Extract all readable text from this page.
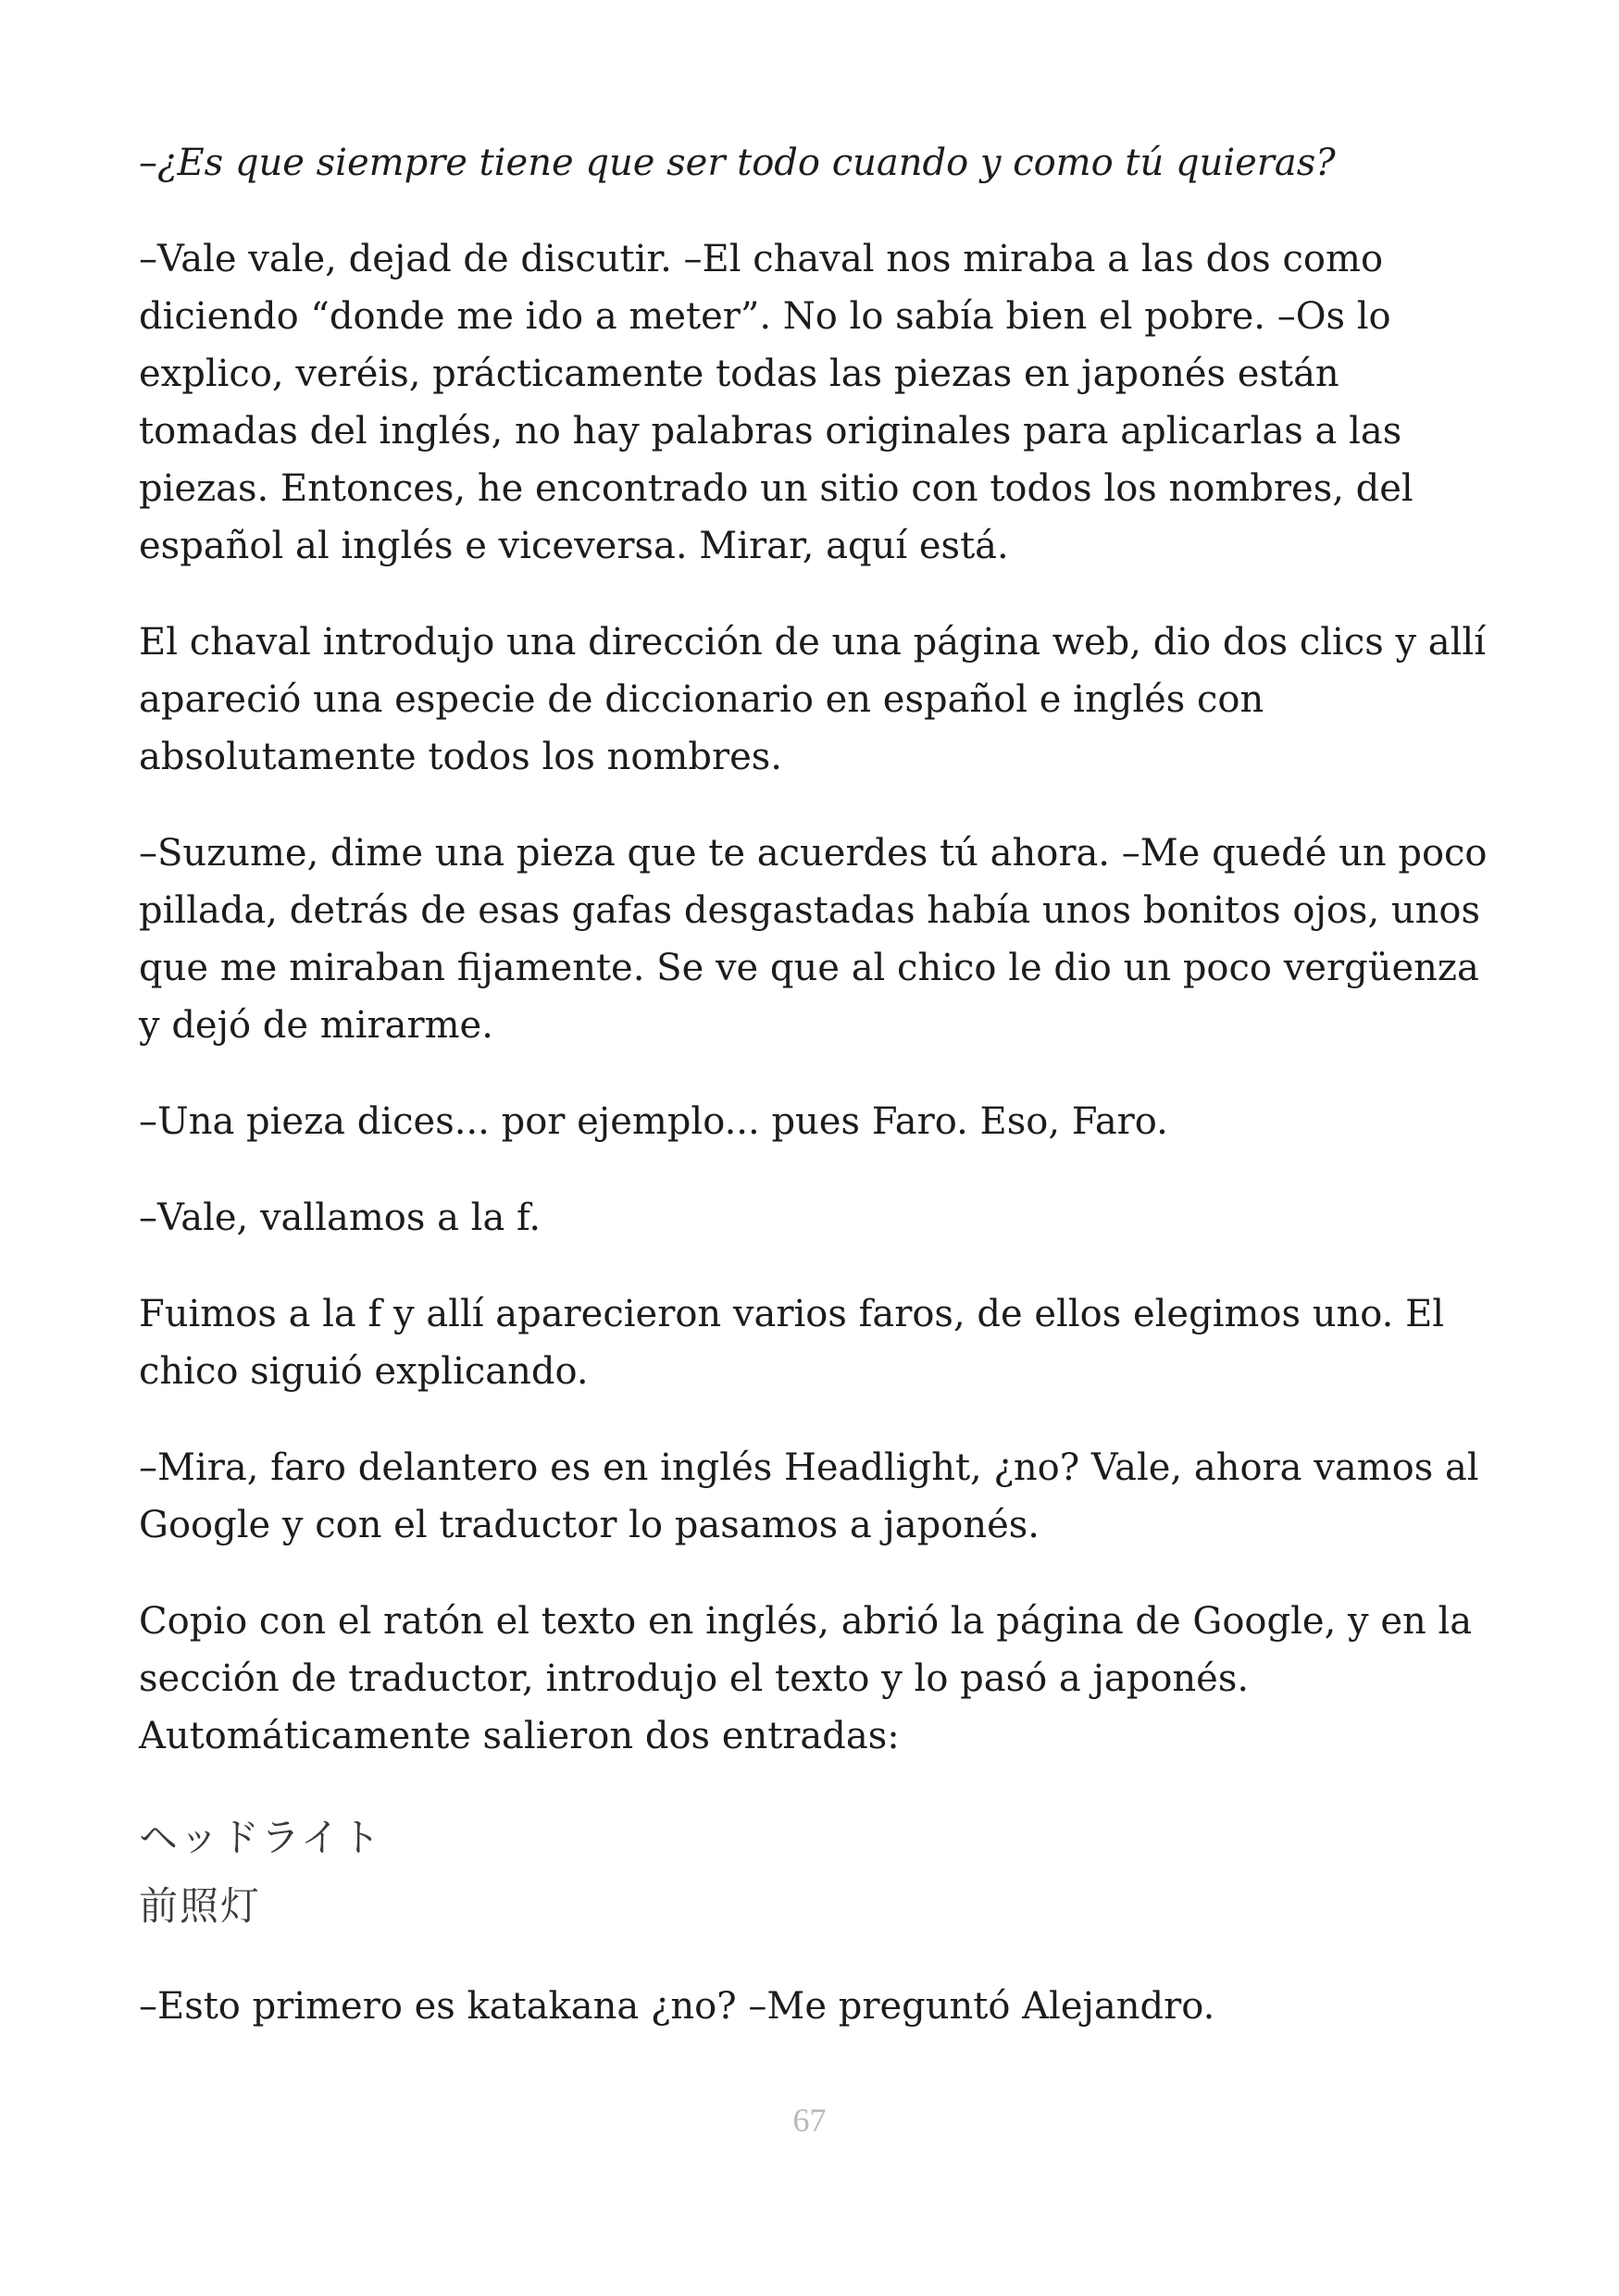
–¿Es que siempre tiene que ser todo cuando y como tú quieras?

–Vale vale, dejad de discutir. –El chaval nos miraba a las dos como diciendo “donde me ido a meter”. No lo sabía bien el pobre. –Os lo explico, veréis, prácticamente todas las piezas en japonés están tomadas del inglés, no hay palabras originales para aplicarlas a las piezas. Entonces, he encontrado un sitio con todos los nombres, del español al inglés e viceversa. Mirar, aquí está.

El chaval introdujo una dirección de una página web, dio dos clics y allí apareció una especie de diccionario en español e inglés con absolutamente todos los nombres.

–Suzume, dime una pieza que te acuerdes tú ahora. –Me quedé un poco pillada, detrás de esas gafas desgastadas había unos bonitos ojos, unos que me miraban fijamente. Se ve que al chico le dio un poco vergüenza y dejó de mirarme.

–Una pieza dices... por ejemplo... pues Faro. Eso, Faro.

–Vale, vallamos a la f.

Fuimos a la f y allí aparecieron varios faros, de ellos elegimos uno. El chico siguió explicando.

–Mira, faro delantero es en inglés Headlight, ¿no? Vale, ahora vamos al Google y con el traductor lo pasamos a japonés.

Copio con el ratón el texto en inglés, abrió la página de Google, y en la sección de traductor, introdujo el texto y lo pasó a japonés. Automáticamente salieron dos entradas:

ヘッドライト
前照灯

–Esto primero es katakana ¿no? –Me preguntó Alejandro.

67
